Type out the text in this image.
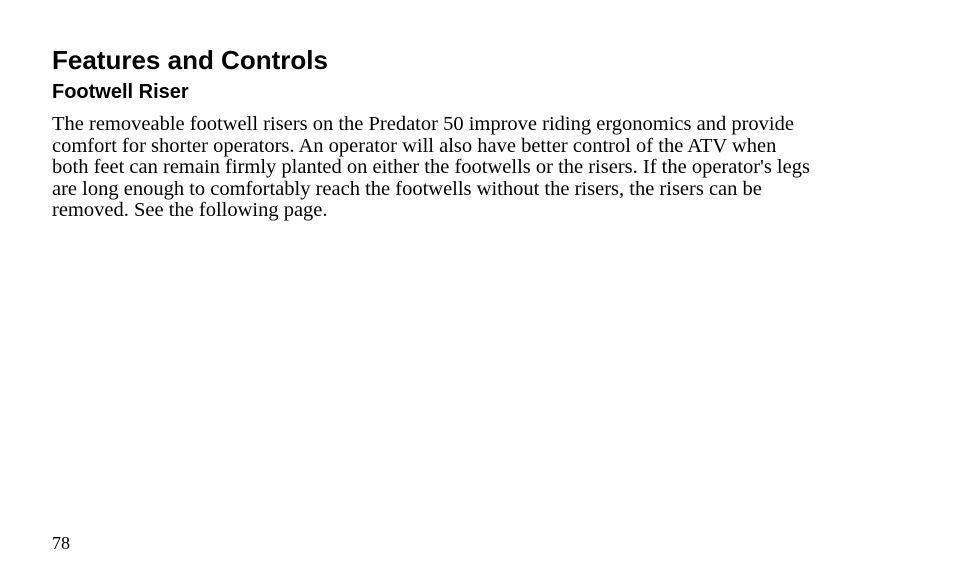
Features and Controls
Footwell Riser

The removeable footwell risers on the Predator 50 improve riding ergonomics and provide
comfort for shorter operators. An operator will also have better control of the ATV when
both feet can remain firmly planted on either the footwells or the risers. If the operator's legs
are long enough to comfortably reach the footwells without the risers, the risers can be
removed. See the following page.

78
